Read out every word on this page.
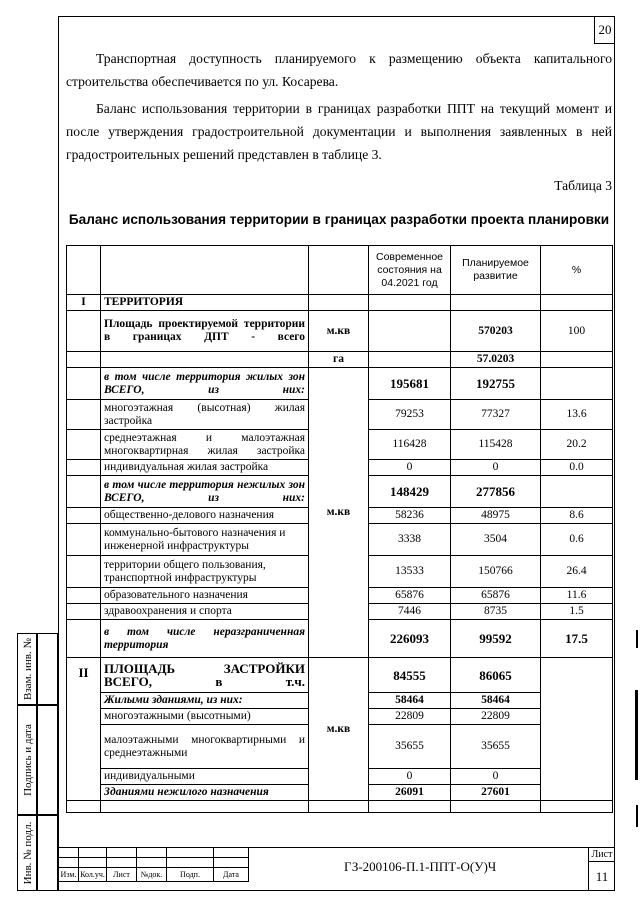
20
Транспортная доступность планируемого к размещению объекта капитального строительства обеспечивается по ул. Косарева.
Баланс использования территории в границах разработки ППТ на текущий момент и после утверждения градостроительной документации и выполнения заявленных в ней градостроительных решений представлен в таблице 3.
Таблица 3
Баланс использования территории в границах разработки проекта планировки
			Современное состояния на 04.2021 год	Планируемое развитие	%
I	ТЕРРИТОРИЯ				
	Площадь проектируемой территории в границах ДПТ - всего	м.кв		570203	100
		га		57.0203	
	в том числе территория жилых зон ВСЕГО, из них:	м.кв	195681	192755	
	многоэтажная (высотная) жилая застройка		79253	77327	13.6
	среднеэтажная и малоэтажная многоквартирная жилая застройка		116428	115428	20.2
	индивидуальная жилая застройка		0	0	0.0
	в том числе территория нежилых зон ВСЕГО, из них:		148429	277856	
	общественно-делового назначения		58236	48975	8.6
	коммунально-бытового назначения и инженерной инфраструктуры		3338	3504	0.6
	территории общего пользования, транспортной инфраструктуры		13533	150766	26.4
	образовательного назначения		65876	65876	11.6
	здравоохранения и спорта		7446	8735	1.5
	в том числе неразграниченная территория		226093	99592	17.5
II	ПЛОЩАДЬ ЗАСТРОЙКИ ВСЕГО, в т.ч.	м.кв	84555	86065	
	Жилыми зданиями, из них:		58464	58464	
	многоэтажными (высотными)		22809	22809	
	малоэтажными многоквартирными и среднеэтажными		35655	35655	
	индивидуальными		0	0	
	Зданиями нежилого назначения		26091	27601	

Взам. инв. №
Подпись и дата
Инв. № подл.

						Изм.	Кол.уч.	Лист	№док.	Подп.	Дата
ГЗ-200106-П.1-ППТ-О(У)Ч
Лист
11
